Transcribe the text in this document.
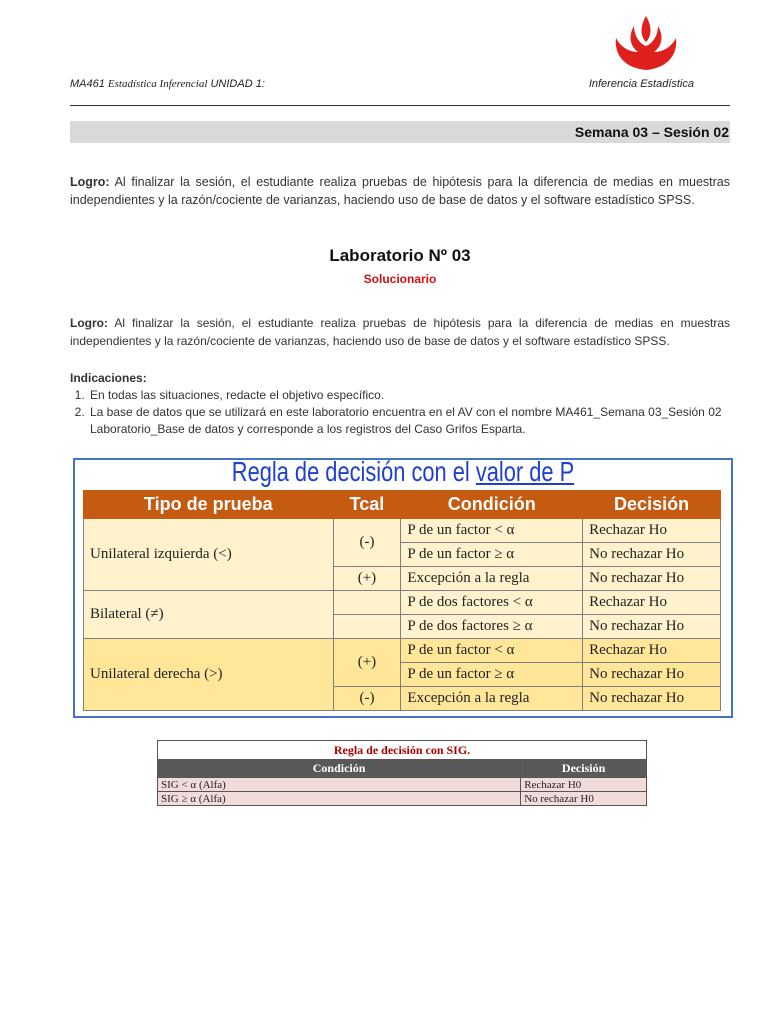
MA461 Estadística Inferencial UNIDAD 1:	Inferencia Estadística
Semana 03 – Sesión 02
Logro: Al finalizar la sesión, el estudiante realiza pruebas de hipótesis para la diferencia de medias en muestras independientes y la razón/cociente de varianzas, haciendo uso de base de datos y el software estadístico SPSS.
Laboratorio Nº 03
Solucionario
Logro: Al finalizar la sesión, el estudiante realiza pruebas de hipótesis para la diferencia de medias en muestras independientes y la razón/cociente de varianzas, haciendo uso de base de datos y el software estadístico SPSS.
Indicaciones:
1. En todas las situaciones, redacte el objetivo específico.
2. La base de datos que se utilizará en este laboratorio encuentra en el AV con el nombre MA461_Semana 03_Sesión 02 Laboratorio_Base de datos y corresponde a los registros del Caso Grifos Esparta.
Regla de decisión con el valor de P
Tipo de prueba	Tcal	Condición	Decisión
Unilateral izquierda (<)	(-)	P de un factor < α	Rechazar Ho
		P de un factor ≥ α	No rechazar Ho
	(+)	Excepción a la regla	No rechazar Ho
Bilateral (≠)		P de dos factores < α	Rechazar Ho
		P de dos factores ≥ α	No rechazar Ho
Unilateral derecha (>)	(+)	P de un factor < α	Rechazar Ho
		P de un factor ≥ α	No rechazar Ho
	(-)	Excepción a la regla	No rechazar Ho
Regla de decisión con SIG.	
Condición	Decisión
SIG < α (Alfa)	Rechazar H0
SIG ≥ α (Alfa)	No rechazar H0
